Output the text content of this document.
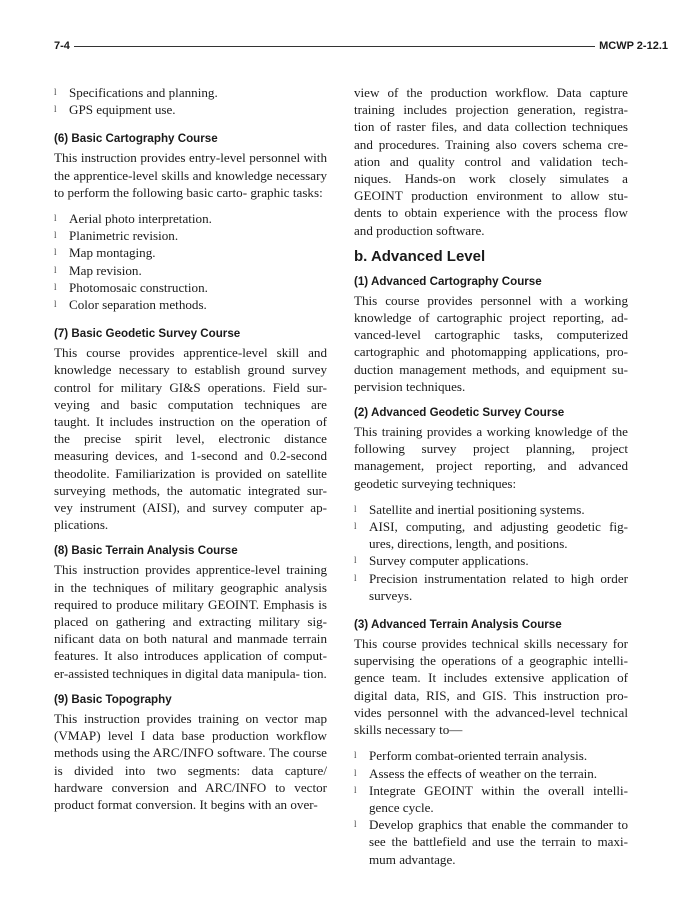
7-4	MCWP 2-12.1
l Specifications and planning.
l GPS equipment use.
(6) Basic Cartography Course

This instruction provides entry-level personnel with the apprentice-level skills and knowledge necessary to perform the following basic carto- graphic tasks:

l Aerial photo interpretation.
l Planimetric revision.
l Map montaging.
l Map revision.
l Photomosaic construction.
l Color separation methods.
(7) Basic Geodetic Survey Course

This course provides apprentice-level skill and knowledge necessary to establish ground survey control for military GI&S operations. Field sur- veying and basic computation techniques are taught. It includes instruction on the operation of the precise spirit level, electronic distance measuring devices, and 1-second and 0.2-second theodolite. Familiarization is provided on satellite surveying methods, the automatic integrated sur- vey instrument (AISI), and survey computer ap- plications.

(8) Basic Terrain Analysis Course

This instruction provides apprentice-level training in the techniques of military geographic analysis required to produce military GEOINT. Emphasis is placed on gathering and extracting military sig- nificant data on both natural and manmade terrain features. It also introduces application of comput- er-assisted techniques in digital data manipula- tion.

(9) Basic Topography

This instruction provides training on vector map (VMAP) level I data base production workflow methods using the ARC/INFO software. The course is divided into two segments: data capture/ hardware conversion and ARC/INFO to vector product format conversion. It begins with an over-

view of the production workflow. Data capture training includes projection generation, registra- tion of raster files, and data collection techniques and procedures. Training also covers schema cre- ation and quality control and validation tech- niques. Hands-on work closely simulates a GEOINT production environment to allow stu- dents to obtain experience with the process flow and production software.

b. Advanced Level
(1) Advanced Cartography Course

This course provides personnel with a working knowledge of cartographic project reporting, ad- vanced-level cartographic tasks, computerized cartographic and photomapping applications, pro- duction management methods, and equipment su- pervision techniques.

(2) Advanced Geodetic Survey Course

This training provides a working knowledge of the following survey project planning, project management, project reporting, and advanced geodetic surveying techniques:

l Satellite and inertial positioning systems.
l AISI, computing, and adjusting geodetic fig- ures, directions, length, and positions.
l Survey computer applications.
l Precision instrumentation related to high order surveys.
(3) Advanced Terrain Analysis Course

This course provides technical skills necessary for supervising the operations of a geographic intelli- gence team. It includes extensive application of digital data, RIS, and GIS. This instruction pro- vides personnel with the advanced-level technical skills necessary to—

l Perform combat-oriented terrain analysis.
l Assess the effects of weather on the terrain.
l Integrate GEOINT within the overall intelli- gence cycle.
l Develop graphics that enable the commander to see the battlefield and use the terrain to maxi- mum advantage.
